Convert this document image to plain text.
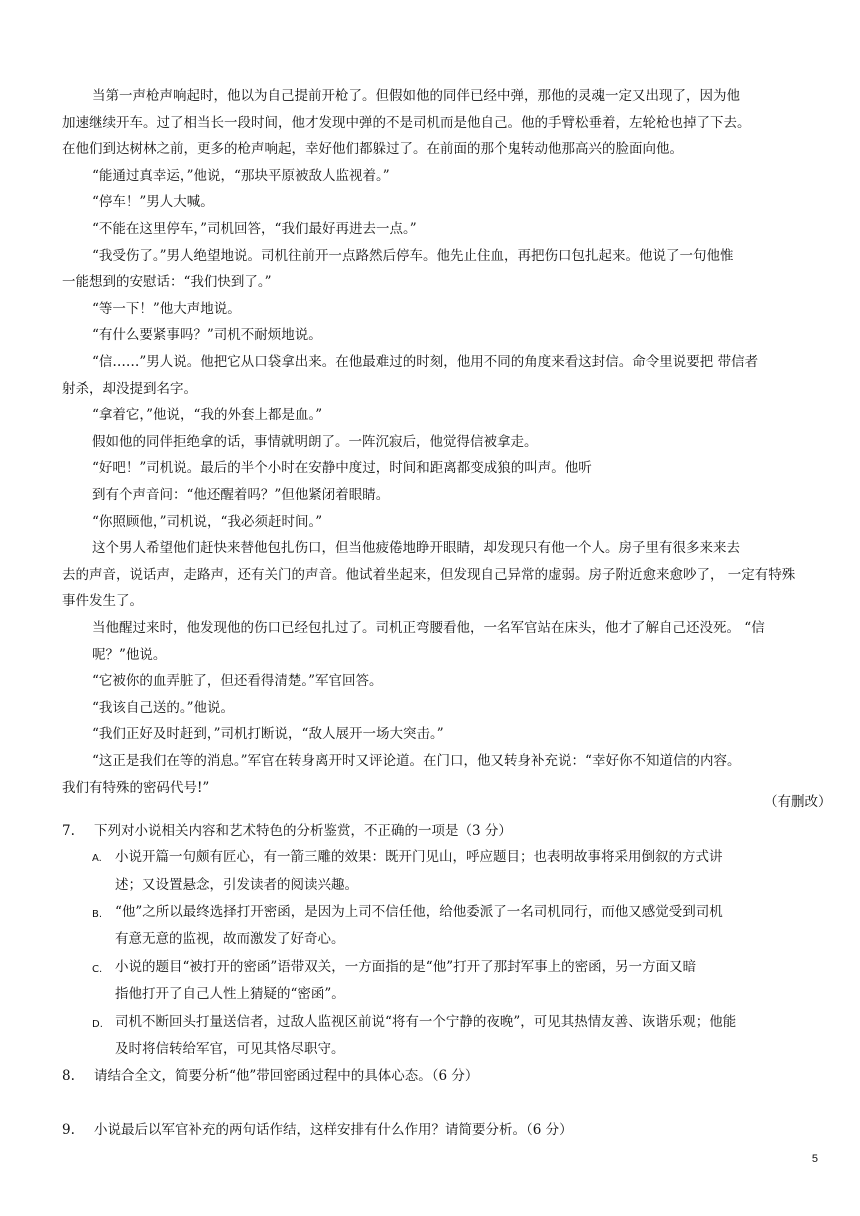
当第一声枪声响起时，他以为自己提前开枪了。但假如他的同伴已经中弹，那他的灵魂一定又出现了，因为他
加速继续开车。过了相当长一段时间，他才发现中弹的不是司机而是他自己。他的手臂松垂着，左轮枪也掉了下去。
在他们到达树林之前，更多的枪声响起，幸好他们都躲过了。在前面的那个鬼转动他那高兴的脸面向他。
“能通过真幸运，”他说，“那块平原被敌人监视着。”
“停车！”男人大喊。
“不能在这里停车，”司机回答，“我们最好再进去一点。”
“我受伤了。”男人绝望地说。司机往前开一点路然后停车。他先止住血，再把伤口包扎起来。他说了一句他惟
一能想到的安慰话：“我们快到了。”
“等一下！”他大声地说。
“有什么要紧事吗？”司机不耐烦地说。
“信……”男人说。他把它从口袋拿出来。在他最难过的时刻，他用不同的角度来看这封信。命令里说要把 带信者
射杀，却没提到名字。
“拿着它，”他说，“我的外套上都是血。”
假如他的同伴拒绝拿的话，事情就明朗了。一阵沉寂后，他觉得信被拿走。
“好吧！”司机说。最后的半个小时在安静中度过，时间和距离都变成狼的叫声。他听
到有个声音问：“他还醒着吗？”但他紧闭着眼睛。
“你照顾他，”司机说，“我必须赶时间。”
这个男人希望他们赶快来替他包扎伤口，但当他疲倦地睁开眼睛，却发现只有他一个人。房子里有很多来来去
去的声音，说话声，走路声，还有关门的声音。他试着坐起来，但发现自己异常的虚弱。房子附近愈来愈吵了， 一定有特殊
事件发生了。
当他醒过来时，他发现他的伤口已经包扎过了。司机正弯腰看他，一名军官站在床头，他才了解自己还没死。 “信
呢？”他说。
“它被你的血弄脏了，但还看得清楚。”军官回答。
“我该自己送的。”他说。
“我们正好及时赶到，”司机打断说，“敌人展开一场大突击。”
“这正是我们在等的消息。”军官在转身离开时又评论道。在门口，他又转身补充说：“幸好你不知道信的内容。
我们有特殊的密码代号!”
（有删改）
7. 下列对小说相关内容和艺术特色的分析鉴赏，不正确的一项是（3 分）
A. 小说开篇一句颇有匠心，有一箭三雕的效果：既开门见山，呼应题目；也表明故事将采用倒叙的方式讲
述；又设置悬念，引发读者的阅读兴趣。
B. “他”之所以最终选择打开密函，是因为上司不信任他，给他委派了一名司机同行，而他又感觉受到司机
有意无意的监视，故而激发了好奇心。
C. 小说的题目“被打开的密函”语带双关，一方面指的是“他”打开了那封军事上的密函，另一方面又暗
指他打开了自己人性上猜疑的“密函”。
D. 司机不断回头打量送信者，过敌人监视区前说“将有一个宁静的夜晚”，可见其热情友善、诙谐乐观；他能
及时将信转给军官，可见其恪尽职守。
8. 请结合全文，简要分析“他”带回密函过程中的具体心态。（6 分）
9. 小说最后以军官补充的两句话作结，这样安排有什么作用？请简要分析。（6 分）
5
